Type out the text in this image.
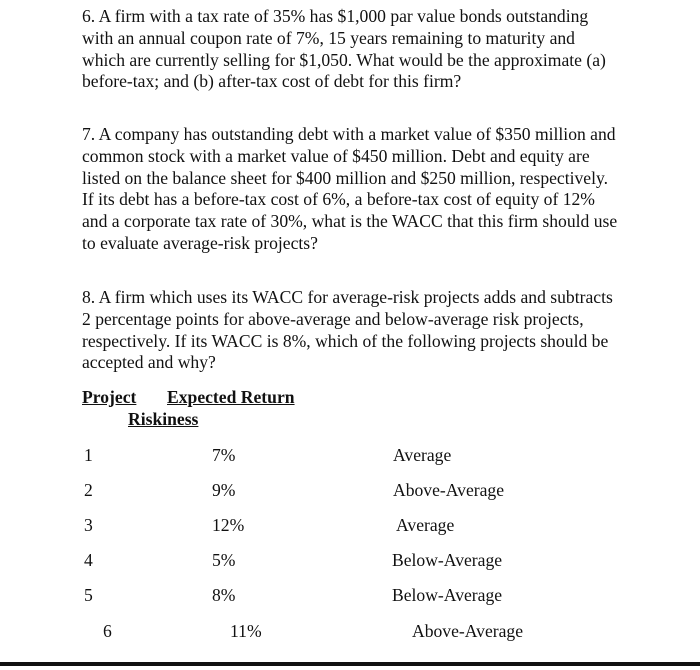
6. A firm with a tax rate of 35% has $1,000 par value bonds outstanding with an annual coupon rate of 7%, 15 years remaining to maturity and which are currently selling for $1,050. What would be the approximate (a) before-tax; and (b) after-tax cost of debt for this firm?

7. A company has outstanding debt with a market value of $350 million and common stock with a market value of $450 million. Debt and equity are listed on the balance sheet for $400 million and $250 million, respectively. If its debt has a before-tax cost of 6%, a before-tax cost of equity of 12% and a corporate tax rate of 30%, what is the WACC that this firm should use to evaluate average-risk projects?

8. A firm which uses its WACC for average-risk projects adds and subtracts 2 percentage points for above-average and below-average risk projects, respectively. If its WACC is 8%, which of the following projects should be accepted and why?

Project Expected Return
Riskiness
1	7%	Average
2	9%	Above-Average
3	12%	Average
4	5%	Below-Average
5	8%	Below-Average
6	11%	Above-Average
